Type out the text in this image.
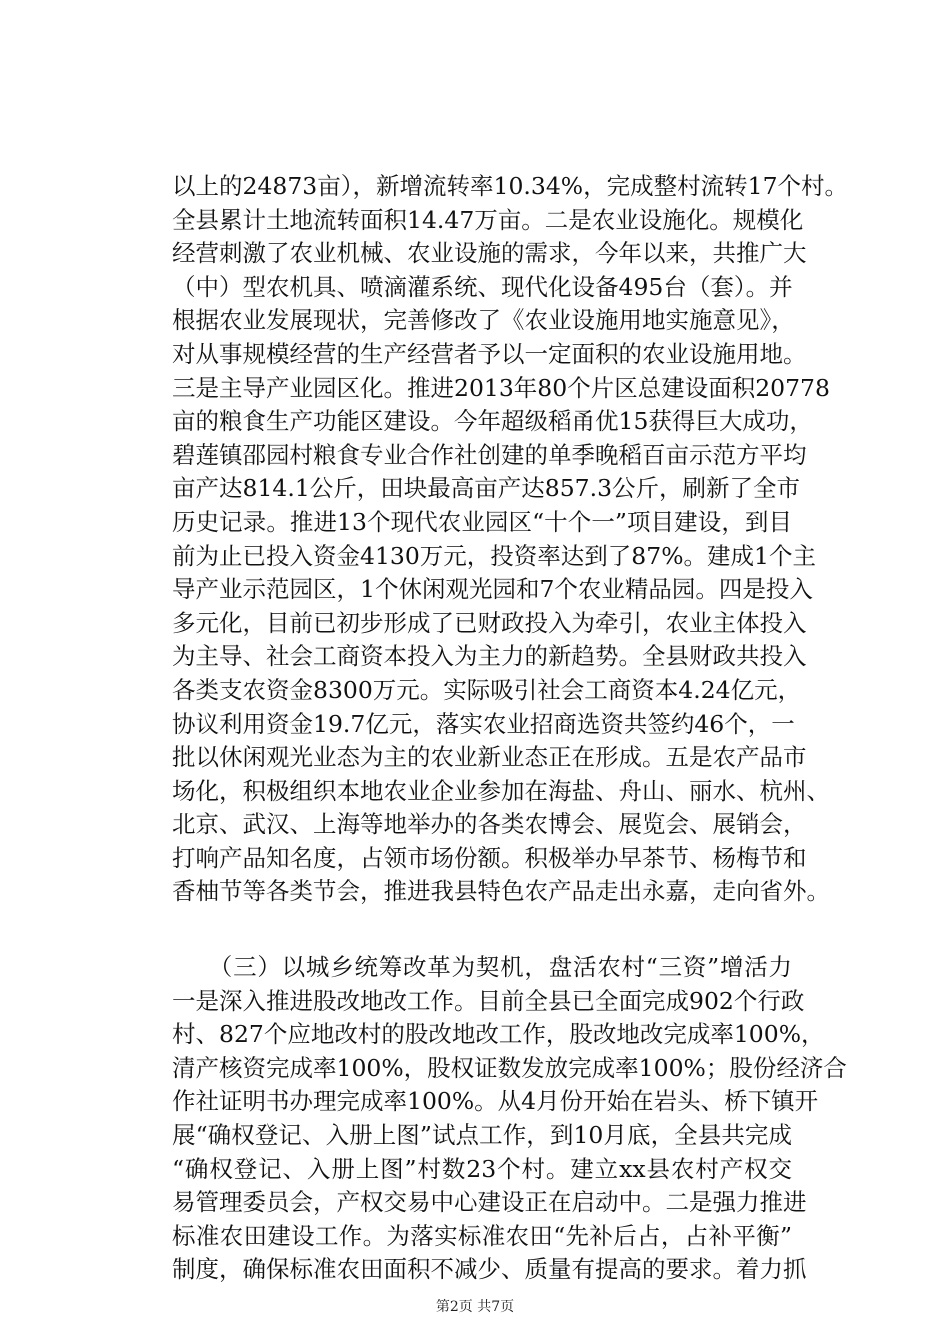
以上的24873亩），新增流转率10.34%，完成整村流转17个村。
全县累计土地流转面积14.47万亩。二是农业设施化。规模化
经营刺激了农业机械、农业设施的需求，今年以来，共推广大
（中）型农机具、喷滴灌系统、现代化设备495台（套）。并
根据农业发展现状，完善修改了《农业设施用地实施意见》，
对从事规模经营的生产经营者予以一定面积的农业设施用地。
三是主导产业园区化。推进2013年80个片区总建设面积20778
亩的粮食生产功能区建设。今年超级稻甬优15获得巨大成功，
碧莲镇邵园村粮食专业合作社创建的单季晚稻百亩示范方平均
亩产达814.1公斤，田块最高亩产达857.3公斤，刷新了全市
历史记录。推进13个现代农业园区“十个一”项目建设，到目
前为止已投入资金4130万元，投资率达到了87%。建成1个主
导产业示范园区，1个休闲观光园和7个农业精品园。四是投入
多元化，目前已初步形成了已财政投入为牵引，农业主体投入
为主导、社会工商资本投入为主力的新趋势。全县财政共投入
各类支农资金8300万元。实际吸引社会工商资本4.24亿元，
协议利用资金19.7亿元，落实农业招商选资共签约46个，一
批以休闲观光业态为主的农业新业态正在形成。五是农产品市
场化，积极组织本地农业企业参加在海盐、舟山、丽水、杭州、
北京、武汉、上海等地举办的各类农博会、展览会、展销会，
打响产品知名度，占领市场份额。积极举办早茶节、杨梅节和
香柚节等各类节会，推进我县特色农产品走出永嘉，走向省外。
　　（三）以城乡统筹改革为契机，盘活农村“三资”增活力
一是深入推进股改地改工作。目前全县已全面完成902个行政
村、827个应地改村的股改地改工作，股改地改完成率100%，
清产核资完成率100%，股权证数发放完成率100%；股份经济合
作社证明书办理完成率100%。从4月份开始在岩头、桥下镇开
展“确权登记、入册上图”试点工作，到10月底，全县共完成
“确权登记、入册上图”村数23个村。建立xx县农村产权交
易管理委员会，产权交易中心建设正在启动中。二是强力推进
标准农田建设工作。为落实标准农田“先补后占，占补平衡”
制度，确保标准农田面积不减少、质量有提高的要求。着力抓
第2页 共7页
